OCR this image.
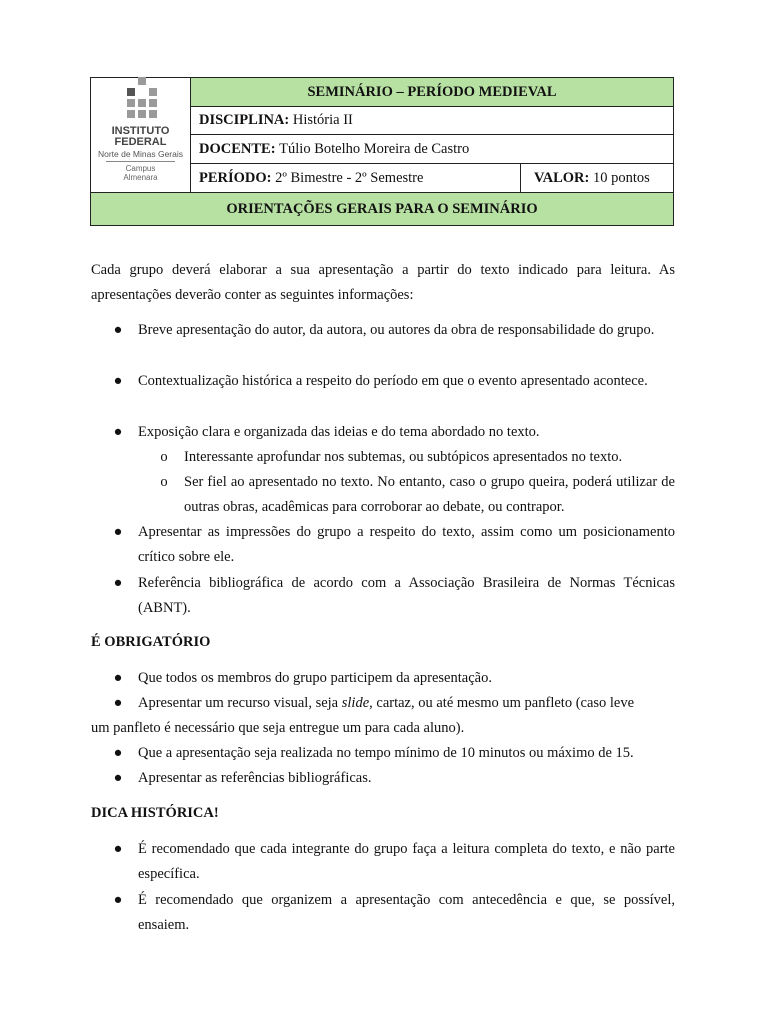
INSTITUTO
FEDERAL
Norte de Minas Gerais
Campus
Almenara
SEMINÁRIO – PERÍODO MEDIEVAL
DISCIPLINA:
História II
DOCENTE:
Túlio Botelho Moreira de Castro
PERÍODO:
2º Bimestre - 2º Semestre	VALOR:
10 pontos
ORIENTAÇÕES GERAIS PARA O SEMINÁRIO

Cada grupo deverá elaborar a sua apresentação a partir do texto indicado para leitura. As apresentações deverão conter as seguintes informações:

● Breve apresentação do autor, da autora, ou autores da obra de responsabilidade do grupo.
● Contextualização histórica a respeito do período em que o evento apresentado acontece.
● Exposição clara e organizada das ideias e do tema abordado no texto.
o Interessante aprofundar nos subtemas, ou subtópicos apresentados no texto.
o Ser fiel ao apresentado no texto. No entanto, caso o grupo queira, poderá utilizar de outras obras, acadêmicas para corroborar ao debate, ou contrapor.
● Apresentar as impressões do grupo a respeito do texto, assim como um posicionamento crítico sobre ele.
● Referência bibliográfica de acordo com a Associação Brasileira de Normas Técnicas (ABNT).
É OBRIGATÓRIO
● Que todos os membros do grupo participem da apresentação.
● Apresentar um recurso visual, seja slide, cartaz, ou até mesmo um panfleto (caso leve
um panfleto é necessário que seja entregue um para cada aluno).
● Que a apresentação seja realizada no tempo mínimo de 10 minutos ou máximo de 15.
● Apresentar as referências bibliográficas.
DICA HISTÓRICA!
● É recomendado que cada integrante do grupo faça a leitura completa do texto, e não parte específica.
● É recomendado que organizem a apresentação com antecedência e que, se possível, ensaiem.
